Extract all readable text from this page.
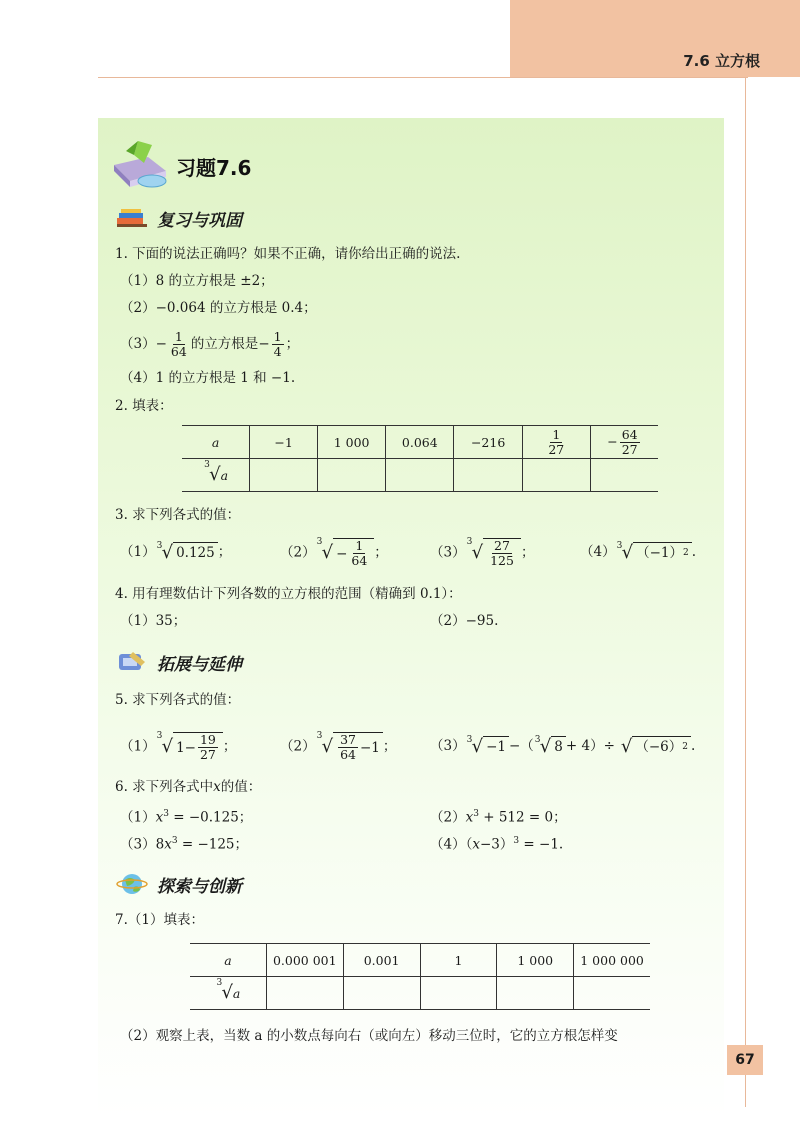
7.6 立方根
习题7.6
复习与巩固
1. 下面的说法正确吗？如果不正确，请你给出正确的说法.
（1）8 的立方根是 ±2；
（2）−0.064 的立方根是 0.4；
$(3)- \frac{1}{64}$ 的立方根是− $\frac{1}{4}$ ；
（4）1 的立方根是 1 和 −1.
2. 填表：
a	−1	1 000	0.064	−216	$\frac{1}{27}$	− $\frac{64}{27}$

3 √ a						

3. 求下列各式的值：
（1） 3 √ 0.125 ；	（2）
3 √ − $\frac{1}{64}$ ；	（3）
3 √ $\frac{27}{125}$ ；	（4） 3 √ （−1） 2 .
4. 用有理数估计下列各数的立方根的范围（精确到 0.1）：
（1）35；	（2）−95.
拓展与延伸
5. 求下列各式的值：
（1）
3 √ $1- \frac{19}{27}$ ；	（2）
3 √ $\frac{37}{64} -1$ ； （3） 3 √ −1 −（ 3 √ 8 + 4）÷ √ （−6） 2 .
6. 求下列各式中x的值：
$(1)x^3 = -0.125$；	$(2)x^3 + 512 = 0$；
$(3)8x^3 = -125$；	$(4)(x-3)^3 = -1$.
探索与创新
7.（1）填表：
a	0.000 001	0.001	1	1 000	1 000 000

3 √ a					

（2）观察上表，当数 a 的小数点每向右（或向左）移动三位时，它的立方根怎样变
67
